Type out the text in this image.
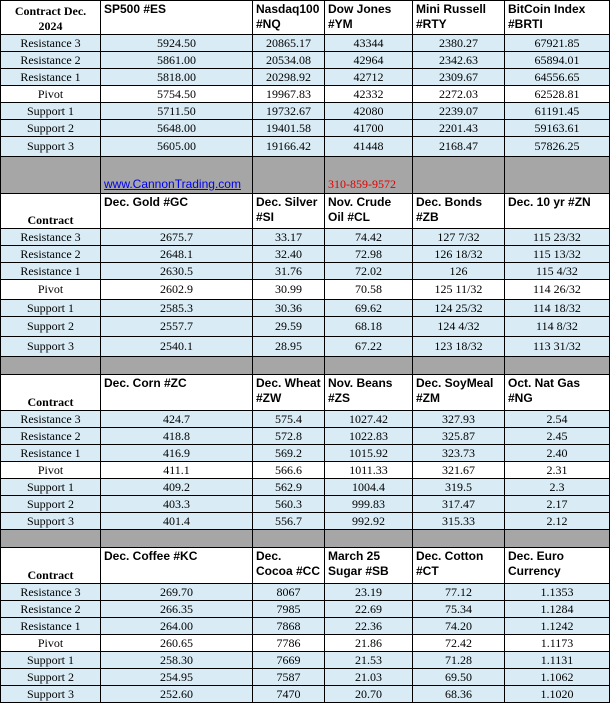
Contract Dec. 2024	SP500 #ES	Nasdaq100 #NQ	Dow Jones #YM	Mini Russell #RTY	BitCoin Index #BRTI
Resistance 3	5924.50	20865.17	43344	2380.27	67921.85
Resistance 2	5861.00	20534.08	42964	2342.63	65894.01
Resistance 1	5818.00	20298.92	42712	2309.67	64556.65
Pivot	5754.50	19967.83	42332	2272.03	62528.81
Support 1	5711.50	19732.67	42080	2239.07	61191.45
Support 2	5648.00	19401.58	41700	2201.43	59163.61
Support 3	5605.00	19166.42	41448	2168.47	57826.25
	www.CannonTrading.com		310-859-9572		
Contract	Dec. Gold #GC	Dec. Silver #SI	Nov. Crude Oil #CL	Dec. Bonds #ZB	Dec. 10 yr #ZN
Resistance 3	2675.7	33.17	74.42	127 7/32	115 23/32
Resistance 2	2648.1	32.40	72.98	126 18/32	115 13/32
Resistance 1	2630.5	31.76	72.02	126	115 4/32
Pivot	2602.9	30.99	70.58	125 11/32	114 26/32
Support 1	2585.3	30.36	69.62	124 25/32	114 18/32
Support 2	2557.7	29.59	68.18	124 4/32	114 8/32
Support 3	2540.1	28.95	67.22	123 18/32	113 31/32

Contract	Dec. Corn #ZC	Dec. Wheat #ZW	Nov. Beans #ZS	Dec. SoyMeal #ZM	Oct. Nat Gas #NG
Resistance 3	424.7	575.4	1027.42	327.93	2.54
Resistance 2	418.8	572.8	1022.83	325.87	2.45
Resistance 1	416.9	569.2	1015.92	323.73	2.40
Pivot	411.1	566.6	1011.33	321.67	2.31
Support 1	409.2	562.9	1004.4	319.5	2.3
Support 2	403.3	560.3	999.83	317.47	2.17
Support 3	401.4	556.7	992.92	315.33	2.12

Contract	Dec. Coffee #KC	Dec. Cocoa #CC	March 25 Sugar #SB	Dec. Cotton #CT	Dec. Euro Currency
Resistance 3	269.70	8067	23.19	77.12	1.1353
Resistance 2	266.35	7985	22.69	75.34	1.1284
Resistance 1	264.00	7868	22.36	74.20	1.1242
Pivot	260.65	7786	21.86	72.42	1.1173
Support 1	258.30	7669	21.53	71.28	1.1131
Support 2	254.95	7587	21.03	69.50	1.1062
Support 3	252.60	7470	20.70	68.36	1.1020
